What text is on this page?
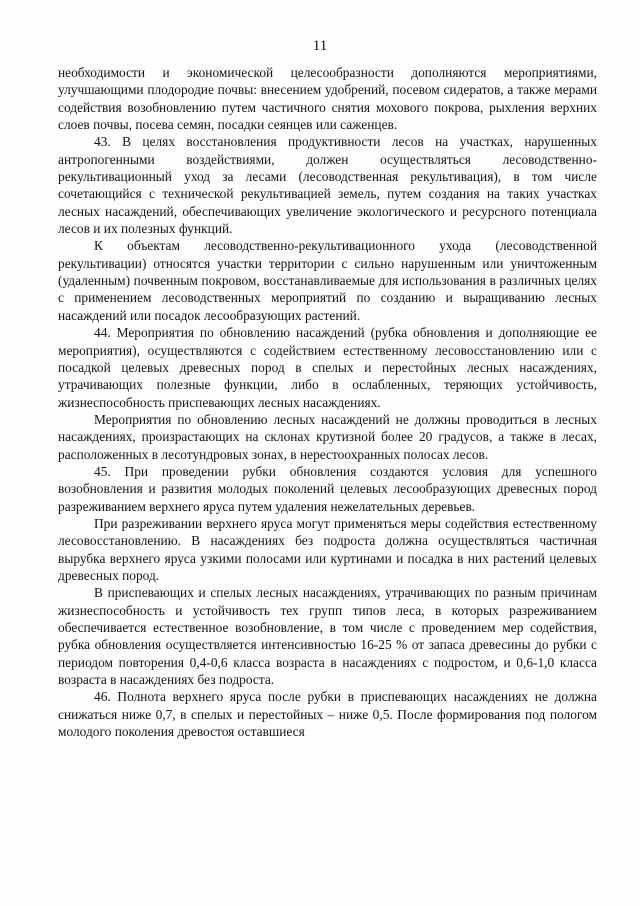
11

необходимости и экономической целесообразности дополняются мероприятиями, улучшающими плодородие почвы: внесением удобрений, посевом сидератов, а также мерами содействия возобновлению путем частичного снятия мохового покрова, рыхления верхних слоев почвы, посева семян, посадки сеянцев или саженцев.

43. В целях восстановления продуктивности лесов на участках, нарушенных антропогенными воздействиями, должен осуществляться лесоводственно-рекультивационный уход за лесами (лесоводственная рекультивация), в том числе сочетающийся с технической рекультивацией земель, путем создания на таких участках лесных насаждений, обеспечивающих увеличение экологического и ресурсного потенциала лесов и их полезных функций.

К объектам лесоводственно-рекультивационного ухода (лесоводственной рекультивации) относятся участки территории с сильно нарушенным или уничтоженным (удаленным) почвенным покровом, восстанавливаемые для использования в различных целях с применением лесоводственных мероприятий по созданию и выращиванию лесных насаждений или посадок лесообразующих растений.

44. Мероприятия по обновлению насаждений (рубка обновления и дополняющие ее мероприятия), осуществляются с содействием естественному лесовосстановлению или с посадкой целевых древесных пород в спелых и перестойных лесных насаждениях, утрачивающих полезные функции, либо в ослабленных, теряющих устойчивость, жизнеспособность приспевающих лесных насаждениях.

Мероприятия по обновлению лесных насаждений не должны проводиться в лесных насаждениях, произрастающих на склонах крутизной более 20 градусов, а также в лесах, расположенных в лесотундровых зонах, в нерестоохранных полосах лесов.

45. При проведении рубки обновления создаются условия для успешного возобновления и развития молодых поколений целевых лесообразующих древесных пород разреживанием верхнего яруса путем удаления нежелательных деревьев.

При разреживании верхнего яруса могут применяться меры содействия естественному лесовосстановлению. В насаждениях без подроста должна осуществляться частичная вырубка верхнего яруса узкими полосами или куртинами и посадка в них растений целевых древесных пород.

В приспевающих и спелых лесных насаждениях, утрачивающих по разным причинам жизнеспособность и устойчивость тех групп типов леса, в которых разреживанием обеспечивается естественное возобновление, в том числе с проведением мер содействия, рубка обновления осуществляется интенсивностью 16-25 % от запаса древесины до рубки с периодом повторения 0,4-0,6 класса возраста в насаждениях с подростом, и 0,6-1,0 класса возраста в насаждениях без подроста.

46. Полнота верхнего яруса после рубки в приспевающих насаждениях не должна снижаться ниже 0,7, в спелых и перестойных – ниже 0,5. После формирования под пологом молодого поколения древостоя оставшиеся
